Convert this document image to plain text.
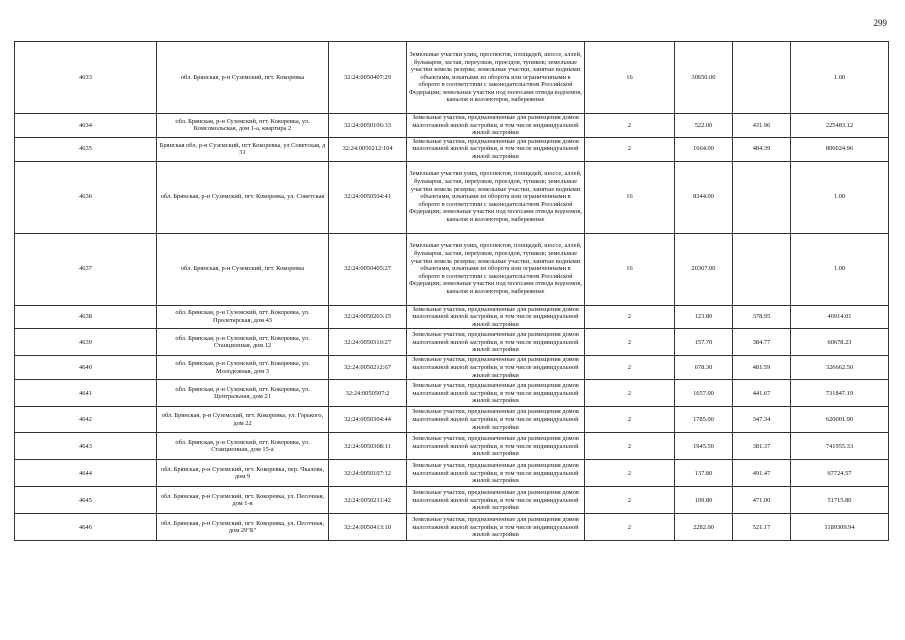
299
4633	обл. Брянская, р-н Суземский, пгт. Кокоревка	32:24:0050407:29	Земельные участки улиц, проспектов, площадей, шоссе, аллей, бульваров, застав, переулков, проездов, тупиков; земельные участки земель резерва; земельные участки, занятые водными объектами, изъятыми из оборота или ограниченными в обороте в соответствии с законодательством Российской Федерации; земельные участки под полосами отвода водоемов, каналов и коллекторов, набережные	16	30650.00		1.00
4634	обл. Брянская, р-н Суземский, пгт. Кокоревка, ул. Комсомольская, дом 1-а, квартира 2	32:24:0050106:33	Земельные участки, предназначенные для размещения домов малоэтажной жилой застройки, в том числе индивидуальной жилой застройки	2	522.00	431.96	225483.12
4635	Брянская обл, р-н Суземский, пгт Кокоревка, ул Советская, д 31	32:24:0050212:104	Земельные участки, предназначенные для размещения домов малоэтажной жилой застройки, в том числе индивидуальной жилой застройки	2	1664.00	484.39	806024.96
4636	обл. Брянская, р-н Суземский, пгт. Кокоревка, ул. Советская	32:24:0050504:41	Земельные участки улиц, проспектов, площадей, шоссе, аллей, бульваров, застав, переулков, проездов, тупиков; земельные участки земель резерва; земельные участки, занятые водными объектами, изъятыми из оборота или ограниченными в обороте в соответствии с законодательством Российской Федерации; земельные участки под полосами отвода водоемов, каналов и коллекторов, набережные	16	8344.00		1.00
4637	обл. Брянская, р-н Суземский, пгт. Кокоревка	32:24:0050405:27	Земельные участки улиц, проспектов, площадей, шоссе, аллей, бульваров, застав, переулков, проездов, тупиков; земельные участки земель резерва; земельные участки, занятые водными объектами, изъятыми из оборота или ограниченными в обороте в соответствии с законодательством Российской Федерации; земельные участки под полосами отвода водоемов, каналов и коллекторов, набережные	16	20367.00		1.00
4638	обл. Брянская, р-н Суземский, пгт. Кокоревка, ул. Пролетарская, дом 43	32:24:0050203:15	Земельные участки, предназначенные для размещения домов малоэтажной жилой застройки, в том числе индивидуальной жилой застройки	2	123.80	378.95	46914.01
4639	обл. Брянская, р-н Суземский, пгт. Кокоревка, ул. Станционная, дом 12	32:24:0050310:27	Земельные участки, предназначенные для размещения домов малоэтажной жилой застройки, в том числе индивидуальной жилой застройки	2	157.70	384.77	60678.23
4640	обл. Брянская, р-н Суземский, пгт. Кокоревка, ул. Молодежная, дом 3	32:24:0050212:67	Земельные участки, предназначенные для размещения домов малоэтажной жилой застройки, в том числе индивидуальной жилой застройки	2	678.30	481.59	326662.50
4641	обл. Брянская, р-н Суземский, пгт. Кокоревка, ул. Центральная, дом 21	32:24:0050507:2	Земельные участки, предназначенные для размещения домов малоэтажной жилой застройки, в том числе индивидуальной жилой застройки	2	1657.00	441.67	731847.19
4642	обл. Брянская, р-н Суземский, пгт. Кокоревка, ул. Горького, дом 22	32:24:0050304:44	Земельные участки, предназначенные для размещения домов малоэтажной жилой застройки, в том числе индивидуальной жилой застройки	2	1785.00	347.34	620001.90
4643	обл. Брянская, р-н Суземский, пгт. Кокоревка, ул. Станционная, дом 15-а	32:24:0050308:11	Земельные участки, предназначенные для размещения домов малоэтажной жилой застройки, в том числе индивидуальной жилой застройки	2	1945.50	381.37	741955.33
4644	обл. Брянская, р-н Суземский, пгт. Кокоревка, пер. Чкалова, дом 9	32:24:0050107:12	Земельные участки, предназначенные для размещения домов малоэтажной жилой застройки, в том числе индивидуальной жилой застройки	2	137.80	491.47	67724.57
4645	обл. Брянская, р-н Суземский, пгт. Кокоревка, ул. Песочная, дом 1-в	32:24:0050211:42	Земельные участки, предназначенные для размещения домов малоэтажной жилой застройки, в том числе индивидуальной жилой застройки	2	109.80	471.00	51715.80
4646	обл. Брянская, р-н Суземский, пгт. Кокоревка, ул. Песочная, дом 29"Б"	32:24:0050413:10	Земельные участки, предназначенные для размещения домов малоэтажной жилой застройки, в том числе индивидуальной жилой застройки	2	2282.00	521.17	1189309.94
